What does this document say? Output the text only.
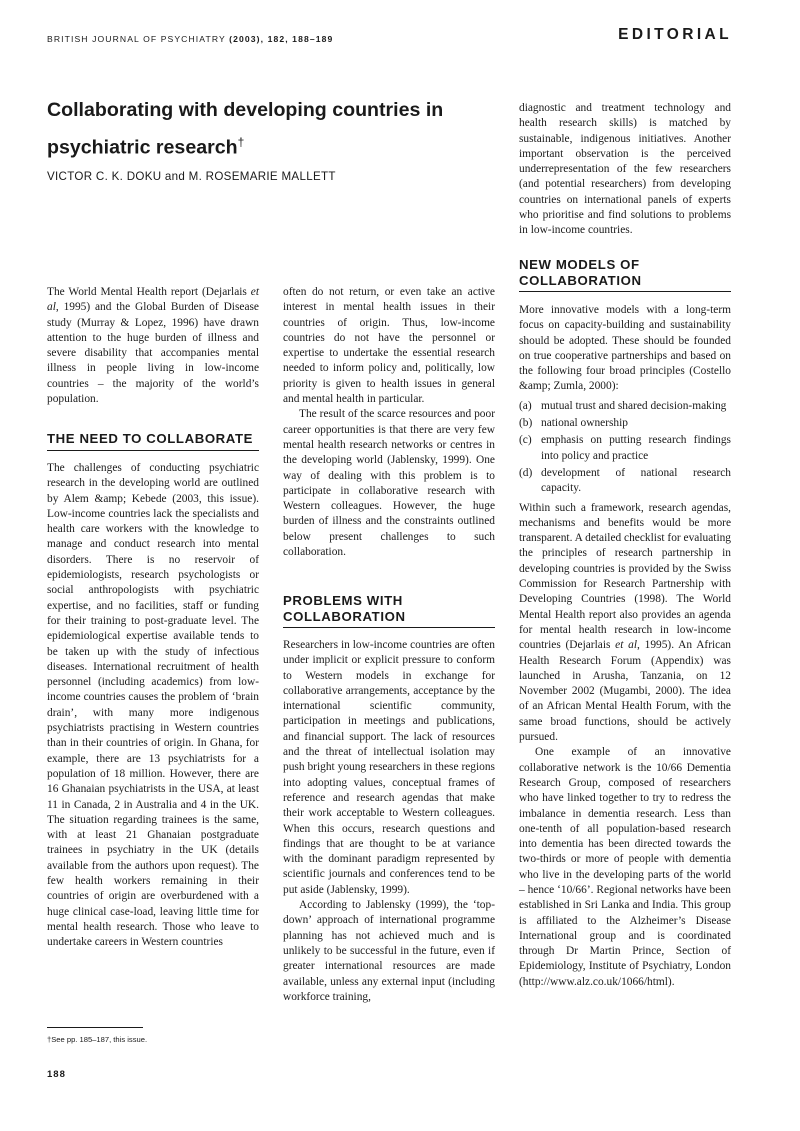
BRITISH JOURNAL OF PSYCHIATRY (2003), 182, 188–189	EDITORIAL
Collaborating with developing countries in psychiatric research†
VICTOR C. K. DOKU and M. ROSEMARIE MALLETT

The World Mental Health report (Dejarlais et al, 1995) and the Global Burden of Disease study (Murray & Lopez, 1996) have drawn attention to the huge burden of illness and severe disability that accompanies mental illness in people living in low-income countries – the majority of the world’s population.

THE NEED TO COLLABORATE

The challenges of conducting psychiatric research in the developing world are outlined by Alem &amp; Kebede (2003, this issue). Low-income countries lack the specialists and health care workers with the knowledge to manage and conduct research into mental disorders. There is no reservoir of epidemiologists, research psychologists or social anthropologists with psychiatric expertise, and no facilities, staff or funding for their training to post-graduate level. The epidemiological expertise available tends to be taken up with the study of infectious diseases. International recruitment of health personnel (including academics) from low-income countries causes the problem of ‘brain drain’, with many more indigenous psychiatrists practising in Western countries than in their countries of origin. In Ghana, for example, there are 13 psychiatrists for a population of 18 million. However, there are 16 Ghanaian psychiatrists in the USA, at least 11 in Canada, 2 in Australia and 4 in the UK. The situation regarding trainees is the same, with at least 21 Ghanaian postgraduate trainees in psychiatry in the UK (details available from the authors upon request). The few health workers remaining in their countries of origin are overburdened with a huge clinical case-load, leaving little time for mental health research. Those who leave to undertake careers in Western countries

often do not return, or even take an active interest in mental health issues in their countries of origin. Thus, low-income countries do not have the personnel or expertise to undertake the essential research needed to inform policy and, politically, low priority is given to health issues in general and mental health in particular.

The result of the scarce resources and poor career opportunities is that there are very few mental health research networks or centres in the developing world (Jablensky, 1999). One way of dealing with this problem is to participate in collaborative research with Western colleagues. However, the huge burden of illness and the constraints outlined below present challenges to such collaboration.

PROBLEMS WITH COLLABORATION

Researchers in low-income countries are often under implicit or explicit pressure to conform to Western models in exchange for collaborative arrangements, acceptance by the international scientific community, participation in meetings and publications, and financial support. The lack of resources and the threat of intellectual isolation may push bright young researchers in these regions into adopting values, conceptual frames of reference and research agendas that make their work acceptable to Western colleagues. When this occurs, research questions and findings that are thought to be at variance with the dominant paradigm represented by scientific journals and conferences tend to be put aside (Jablensky, 1999).

According to Jablensky (1999), the ‘top-down’ approach of international programme planning has not achieved much and is unlikely to be successful in the future, even if greater international resources are made available, unless any external input (including workforce training,

diagnostic and treatment technology and health research skills) is matched by sustainable, indigenous initiatives. Another important observation is the perceived underrepresentation of the few researchers (and potential researchers) from developing countries on international panels of experts who prioritise and find solutions to problems in low-income countries.

NEW MODELS OF COLLABORATION

More innovative models with a long-term focus on capacity-building and sustainability should be adopted. These should be founded on true cooperative partnerships and based on the following four broad principles (Costello &amp; Zumla, 2000):

(a) mutual trust and shared decision-making
(b) national ownership
(c) emphasis on putting research findings into policy and practice
(d) development of national research capacity.

Within such a framework, research agendas, mechanisms and benefits would be more transparent. A detailed checklist for evaluating the principles of research partnership in developing countries is provided by the Swiss Commission for Research Partnership with Developing Countries (1998). The World Mental Health report also provides an agenda for mental health research in low-income countries (Dejarlais et al, 1995). An African Health Research Forum (Appendix) was launched in Arusha, Tanzania, on 12 November 2002 (Mugambi, 2000). The idea of an African Mental Health Forum, with the same broad functions, should be actively pursued.

One example of an innovative collaborative network is the 10/66 Dementia Research Group, composed of researchers who have linked together to try to redress the imbalance in dementia research. Less than one-tenth of all population-based research into dementia has been directed towards the two-thirds or more of people with dementia who live in the developing parts of the world – hence ‘10/66’. Regional networks have been established in Sri Lanka and India. This group is affiliated to the Alzheimer’s Disease International group and is coordinated through Dr Martin Prince, Section of Epidemiology, Institute of Psychiatry, London (http://www.alz.co.uk/1066/html).

†See pp. 185–187, this issue.
188
